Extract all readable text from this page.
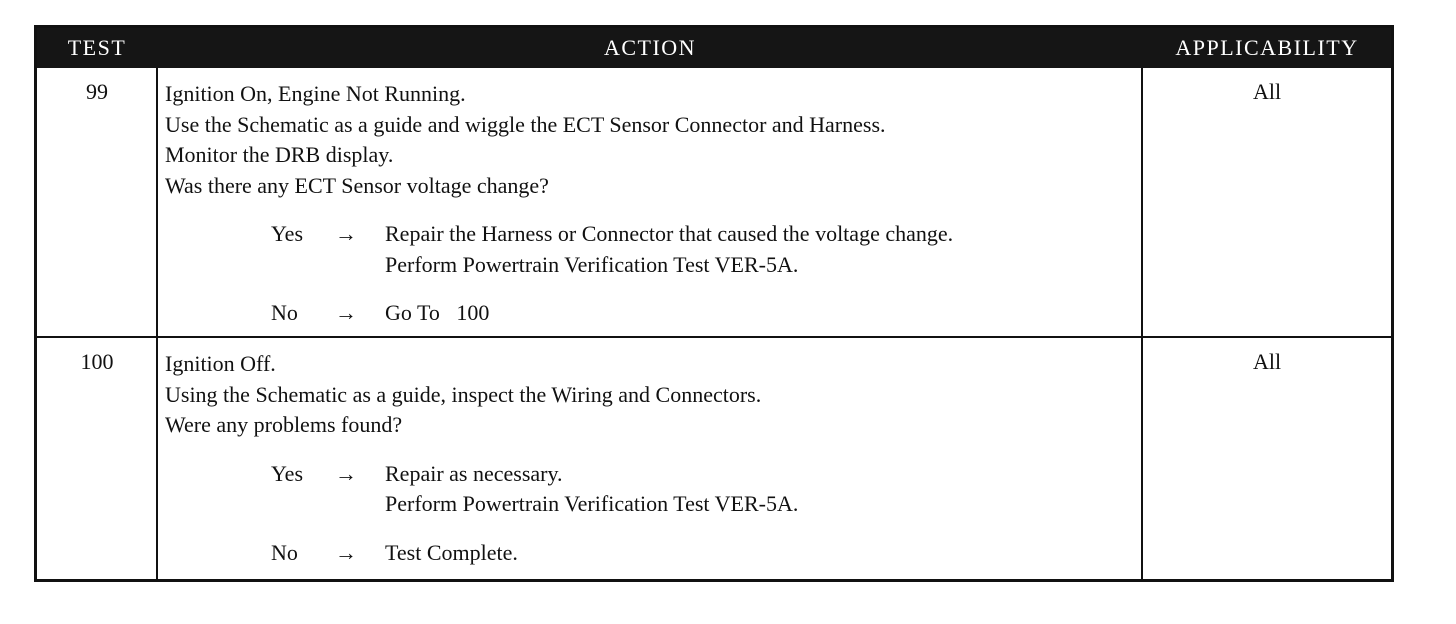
TEST	ACTION	APPLICABILITY
99	Ignition On, Engine Not Running.
Use the Schematic as a guide and wiggle the ECT Sensor Connector and Harness.
Monitor the DRB display.
Was there any ECT Sensor voltage change?
Yes	→	Repair the Harness or Connector that caused the voltage change.
Perform Powertrain Verification Test VER-5A.
No	→	Go To   100
All
100	Ignition Off.
Using the Schematic as a guide, inspect the Wiring and Connectors.
Were any problems found?
Yes	→	Repair as necessary.
Perform Powertrain Verification Test VER-5A.
No	→	Test Complete.
All
